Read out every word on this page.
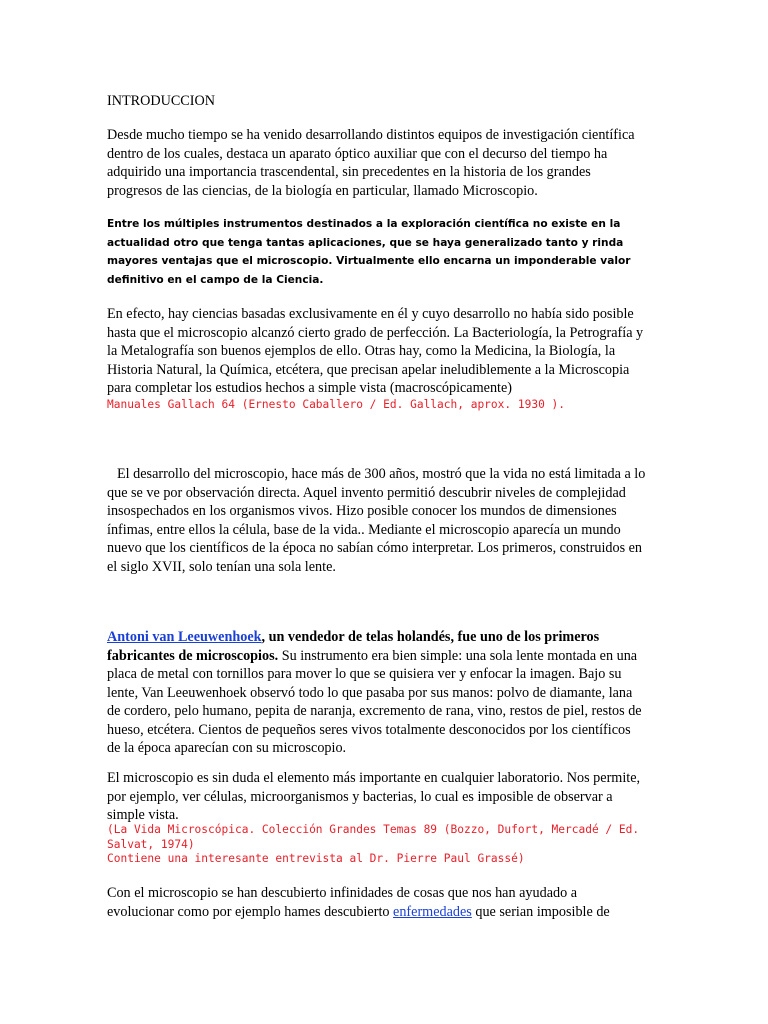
INTRODUCCION

Desde mucho tiempo se ha venido desarrollando distintos equipos de investigación científica dentro de los cuales, destaca un aparato óptico auxiliar que con el decurso del tiempo ha adquirido una importancia trascendental, sin precedentes en la historia de los grandes progresos de las ciencias, de la biología en particular, llamado Microscopio.

Entre los múltiples instrumentos destinados a la exploración científica no existe en la actualidad otro que tenga tantas aplicaciones, que se haya generalizado tanto y rinda mayores ventajas que el microscopio. Virtualmente ello encarna un imponderable valor definitivo en el campo de la Ciencia.

En efecto, hay ciencias basadas exclusivamente en él y cuyo desarrollo no había sido posible hasta que el microscopio alcanzó cierto grado de perfección. La Bacteriología, la Petrografía y la Metalografía son buenos ejemplos de ello. Otras hay, como la Medicina, la Biología, la Historia Natural, la Química, etcétera, que precisan apelar ineludiblemente a la Microscopia para completar los estudios hechos a simple vista (macroscópicamente)

Manuales Gallach 64 (Ernesto Caballero / Ed. Gallach, aprox. 1930 ).

El desarrollo del microscopio, hace más de 300 años, mostró que la vida no está limitada a lo que se ve por observación directa. Aquel invento permitió descubrir niveles de complejidad insospechados en los organismos vivos. Hizo posible conocer los mundos de dimensiones ínfimas, entre ellos la célula, base de la vida.. Mediante el microscopio aparecía un mundo nuevo que los científicos de la época no sabían cómo interpretar. Los primeros, construidos en el siglo XVII, solo tenían una sola lente.

Antoni van Leeuwenhoek, un vendedor de telas holandés, fue uno de los primeros fabricantes de microscopios. Su instrumento era bien simple: una sola lente montada en una placa de metal con tornillos para mover lo que se quisiera ver y enfocar la imagen. Bajo su lente, Van Leeuwenhoek observó todo lo que pasaba por sus manos: polvo de diamante, lana de cordero, pelo humano, pepita de naranja, excremento de rana, vino, restos de piel, restos de hueso, etcétera. Cientos de pequeños seres vivos totalmente desconocidos por los científicos de la época aparecían con su microscopio.

El microscopio es sin duda el elemento más importante en cualquier laboratorio. Nos permite, por ejemplo, ver células, microorganismos y bacterias, lo cual es imposible de observar a simple vista.

(La Vida Microscópica. Colección Grandes Temas 89 (Bozzo, Dufort, Mercadé / Ed. Salvat, 1974)

Contiene una interesante entrevista al Dr. Pierre Paul Grassé)

Con el microscopio se han descubierto infinidades de cosas que nos han ayudado a evolucionar como por ejemplo hames descubierto enfermedades que serian imposible de
